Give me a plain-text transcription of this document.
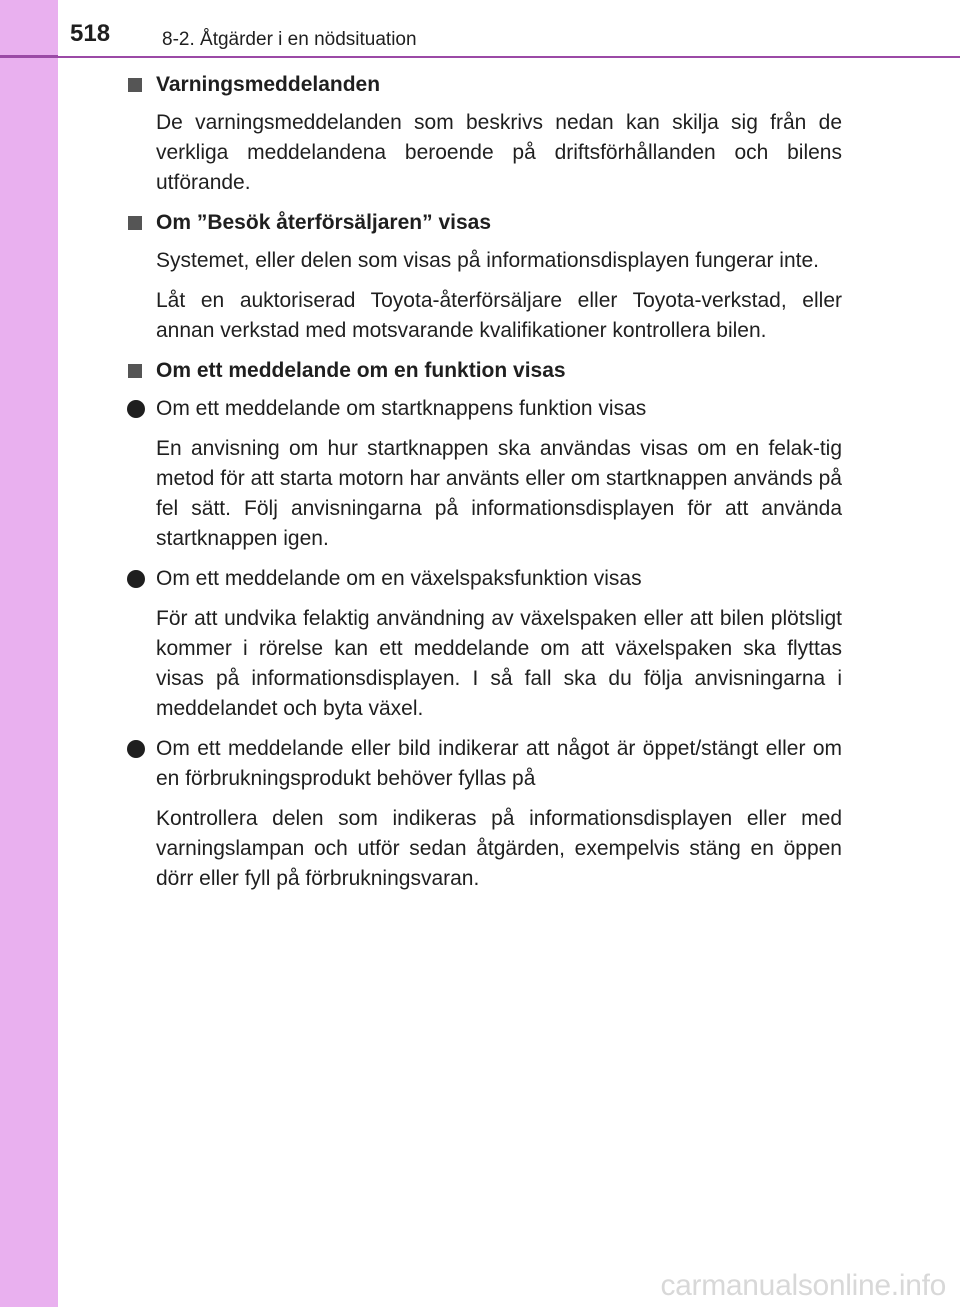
518	8-2. Åtgärder i en nödsituation
Varningsmeddelanden
De varningsmeddelanden som beskrivs nedan kan skilja sig från de verkliga meddelandena beroende på driftsförhållanden och bilens utförande.
Om ”Besök återförsäljaren” visas
Systemet, eller delen som visas på informationsdisplayen fungerar inte.
Låt en auktoriserad Toyota-återförsäljare eller Toyota-verkstad, eller annan verkstad med motsvarande kvalifikationer kontrollera bilen.
Om ett meddelande om en funktion visas
Om ett meddelande om startknappens funktion visas
En anvisning om hur startknappen ska användas visas om en felak-tig metod för att starta motorn har använts eller om startknappen används på fel sätt. Följ anvisningarna på informationsdisplayen för att använda startknappen igen.
Om ett meddelande om en växelspaksfunktion visas
För att undvika felaktig användning av växelspaken eller att bilen plötsligt kommer i rörelse kan ett meddelande om att växelspaken ska flyttas visas på informationsdisplayen. I så fall ska du följa anvisningarna i meddelandet och byta växel.
Om ett meddelande eller bild indikerar att något är öppet/stängt eller om en förbrukningsprodukt behöver fyllas på
Kontrollera delen som indikeras på informationsdisplayen eller med varningslampan och utför sedan åtgärden, exempelvis stäng en öppen dörr eller fyll på förbrukningsvaran.
carmanualsonline.info
